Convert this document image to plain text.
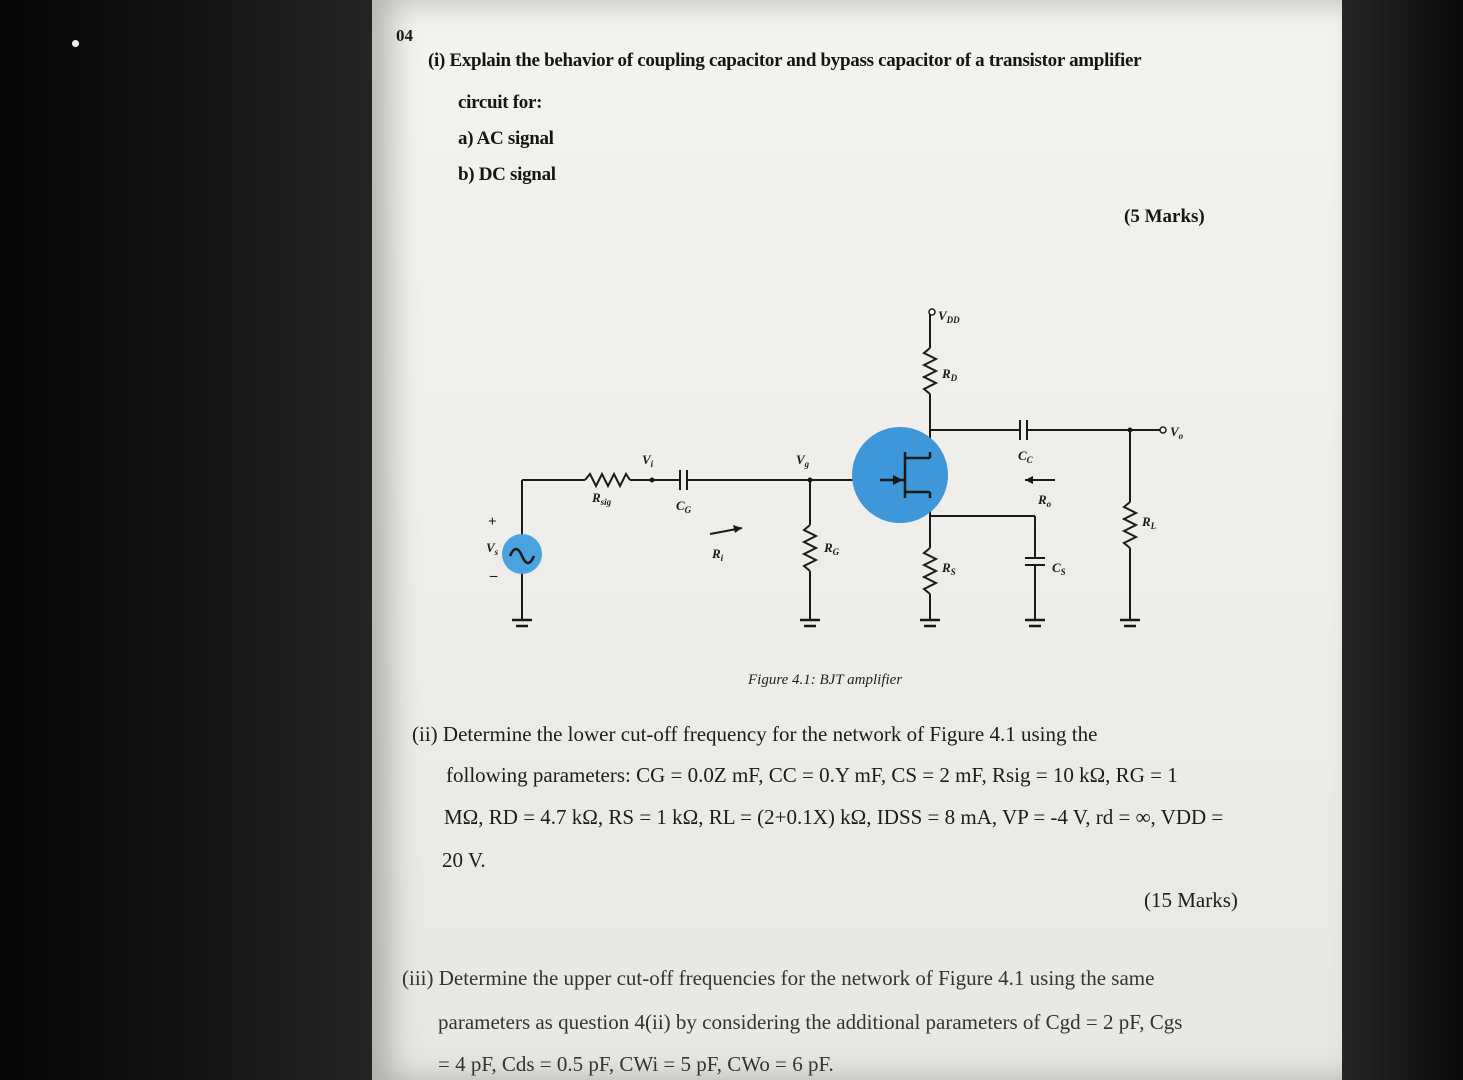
04
(i) Explain the behavior of coupling capacitor and bypass capacitor of a transistor amplifier
circuit for:
a) AC signal
b) DC signal
(5 Marks)
$V_{DD}$
$R_D$
$C_C$
$V_o$
$V_i$	$V_g$
$R_{sig}$	$C_G$
$R_i$
$R_G$
$R_o$
$R_L$
$R_S$	$C_S$
$V_s$
+
–
Figure 4.1: BJT amplifier
(ii) Determine the lower cut-off frequency for the network of Figure 4.1 using the
following parameters: CG = 0.0Z mF, CC = 0.Y mF, CS = 2 mF, Rsig = 10 kΩ, RG = 1
MΩ, RD = 4.7 kΩ, RS = 1 kΩ, RL = (2+0.1X) kΩ, IDSS = 8 mA, VP = -4 V, rd = ∞, VDD =
20 V.
(15 Marks)
(iii) Determine the upper cut-off frequencies for the network of Figure 4.1 using the same
parameters as question 4(ii) by considering the additional parameters of Cgd = 2 pF, Cgs
= 4 pF, Cds = 0.5 pF, CWi = 5 pF, CWo = 6 pF.
